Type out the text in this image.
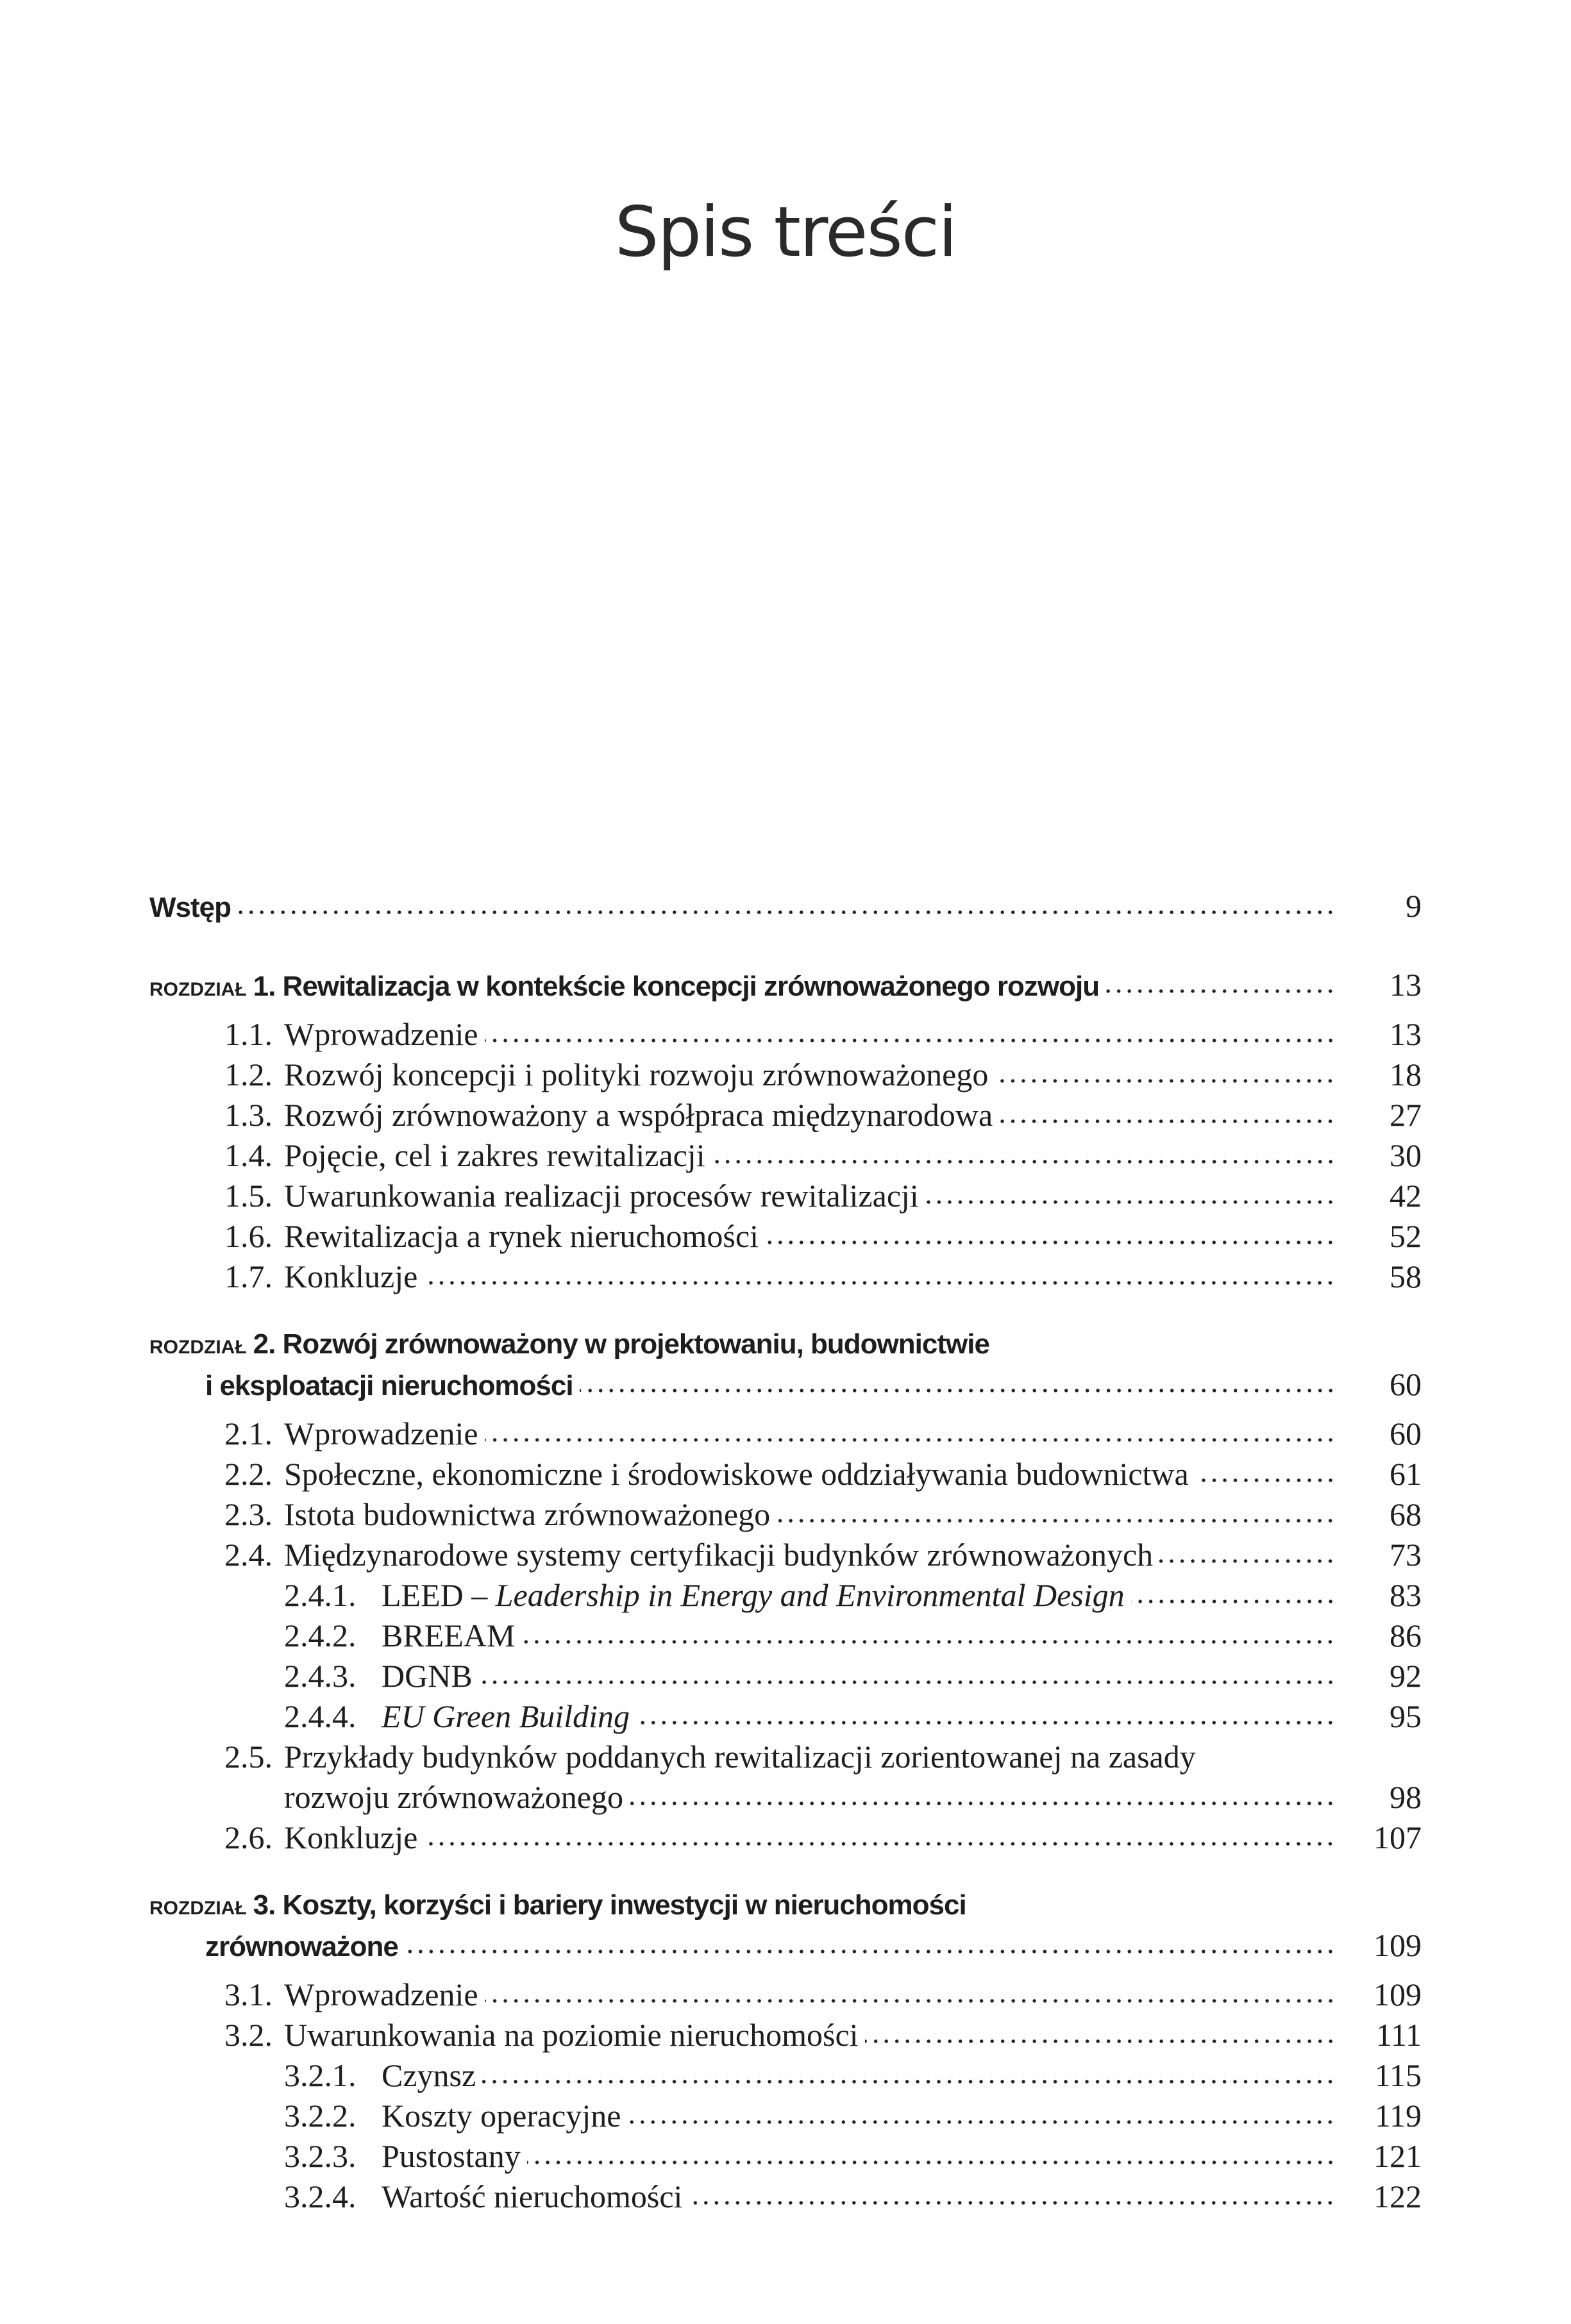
Spis treści
Wstęp	9
ROZDZIAŁ 1. Rewitalizacja w kontekście koncepcji zrównoważonego rozwoju	13
1.1. Wprowadzenie	13
1.2. Rozwój koncepcji i polityki rozwoju zrównoważonego	18
1.3. Rozwój zrównoważony a współpraca międzynarodowa	27
1.4. Pojęcie, cel i zakres rewitalizacji	30
1.5. Uwarunkowania realizacji procesów rewitalizacji	42
1.6. Rewitalizacja a rynek nieruchomości	52
1.7. Konkluzje	58
ROZDZIAŁ 2. Rozwój zrównoważony w projektowaniu, budownictwie
i eksploatacji nieruchomości	60
2.1. Wprowadzenie	60
2.2. Społeczne, ekonomiczne i środowiskowe oddziaływania budownictwa	61
2.3. Istota budownictwa zrównoważonego	68
2.4. Międzynarodowe systemy certyfikacji budynków zrównoważonych	73
2.4.1. LEED – Leadership in Energy and Environmental Design	83
2.4.2. BREEAM	86
2.4.3. DGNB	92
2.4.4. EU Green Building	95
2.5. Przykłady budynków poddanych rewitalizacji zorientowanej na zasady
rozwoju zrównoważonego	98
2.6. Konkluzje	107
ROZDZIAŁ 3. Koszty, korzyści i bariery inwestycji w nieruchomości
zrównoważone	109
3.1. Wprowadzenie	109
3.2. Uwarunkowania na poziomie nieruchomości	111
3.2.1. Czynsz	115
3.2.2. Koszty operacyjne	119
3.2.3. Pustostany	121
3.2.4. Wartość nieruchomości	122
